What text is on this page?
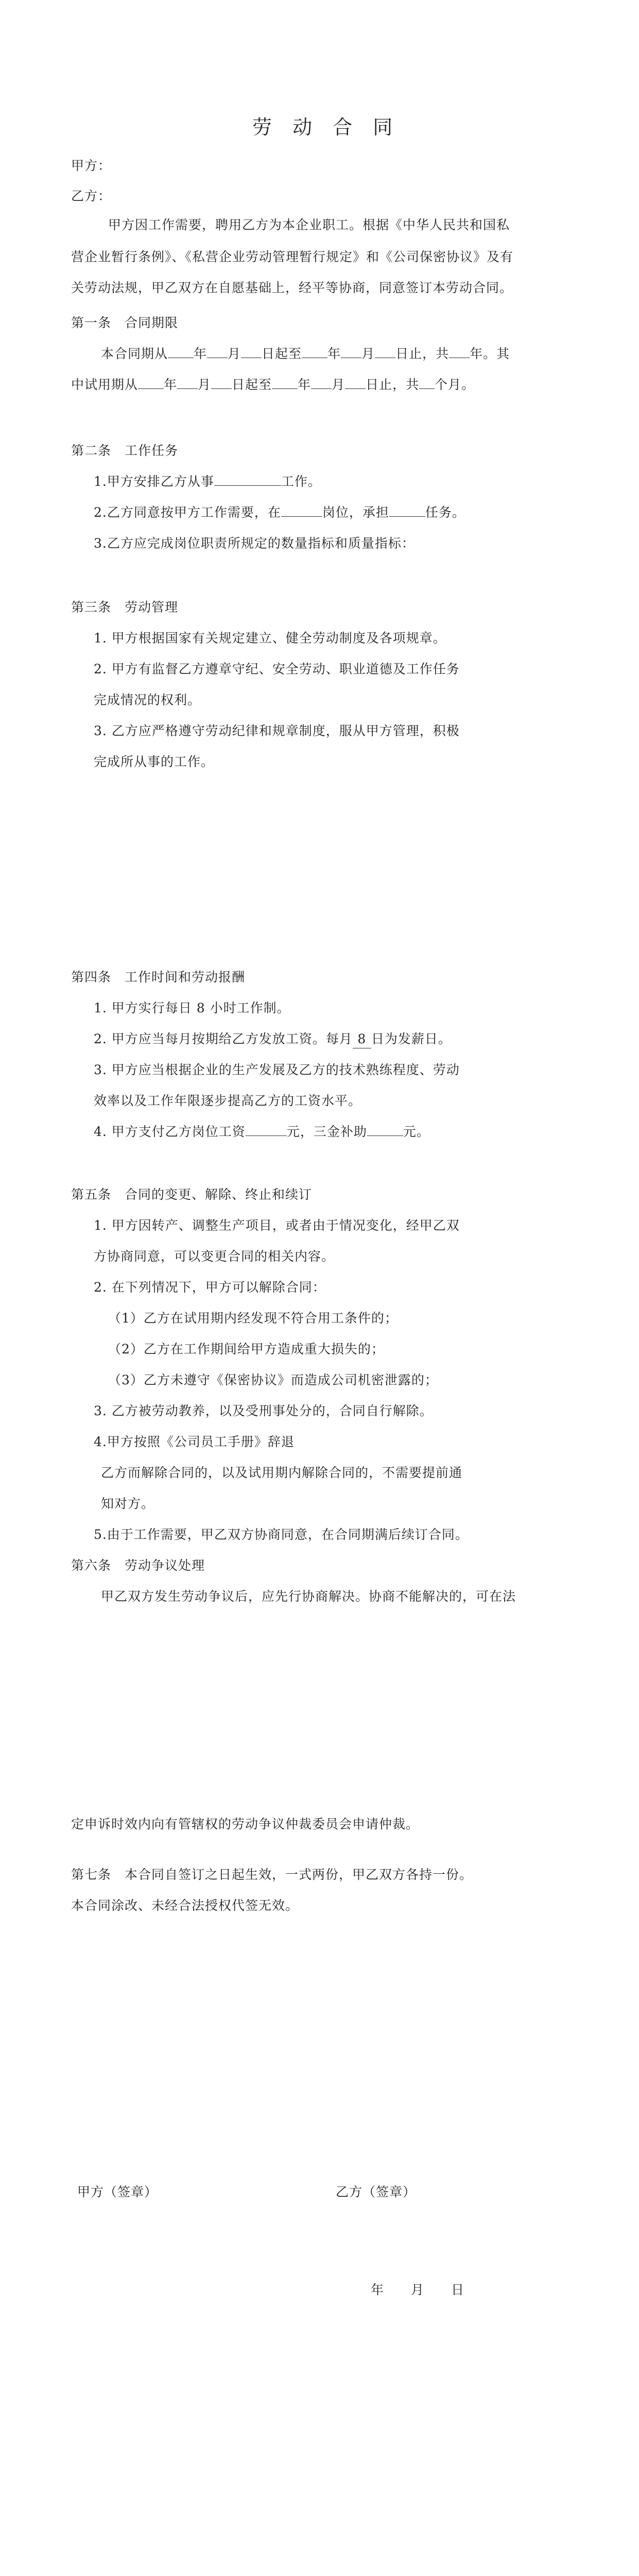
劳 动 合 同
甲方：
乙方：
甲方因工作需要，聘用乙方为本企业职工。根据《中华人民共和国私
营企业暂行条例》、《私营企业劳动管理暂行规定》和《公司保密协议》及有
关劳动法规，甲乙双方在自愿基础上，经平等协商，同意签订本劳动合同。
第一条　合同期限
本合同期从 年 月 日起至 年 月 日止，共 年。其
中试用期从 年 月 日起至 年 月 日止，共 个月。
第二条　工作任务
1.甲方安排乙方从事	工作。
2.乙方同意按甲方工作需要，在	岗位，承担	任务。
3.乙方应完成岗位职责所规定的数量指标和质量指标：
第三条　劳动管理
1. 甲方根据国家有关规定建立、健全劳动制度及各项规章。
2. 甲方有监督乙方遵章守纪、安全劳动、职业道德及工作任务
完成情况的权利。
3. 乙方应严格遵守劳动纪律和规章制度，服从甲方管理，积极
完成所从事的工作。
第四条　工作时间和劳动报酬
1. 甲方实行每日 8 小时工作制。
2. 甲方应当每月按期给乙方发放工资。每月 8 日为发薪日。
3. 甲方应当根据企业的生产发展及乙方的技术熟练程度、劳动
效率以及工作年限逐步提高乙方的工资水平。
4. 甲方支付乙方岗位工资	元，三金补助	元。
第五条　合同的变更、解除、终止和续订
1. 甲方因转产、调整生产项目，或者由于情况变化，经甲乙双
方协商同意，可以变更合同的相关内容。
2. 在下列情况下，甲方可以解除合同：
（1）乙方在试用期内经发现不符合用工条件的；
（2）乙方在工作期间给甲方造成重大损失的；
（3）乙方未遵守《保密协议》而造成公司机密泄露的；
3. 乙方被劳动教养，以及受刑事处分的，合同自行解除。
4.甲方按照《公司员工手册》辞退
乙方而解除合同的，以及试用期内解除合同的，不需要提前通
知对方。
5.由于工作需要，甲乙双方协商同意，在合同期满后续订合同。
第六条　劳动争议处理
甲乙双方发生劳动争议后，应先行协商解决。协商不能解决的，可在法
定申诉时效内向有管辖权的劳动争议仲裁委员会申请仲裁。
第七条　本合同自签订之日起生效，一式两份，甲乙双方各持一份。
本合同涂改、未经合法授权代签无效。
甲方（签章）	乙方（签章）
年　　月　　日
